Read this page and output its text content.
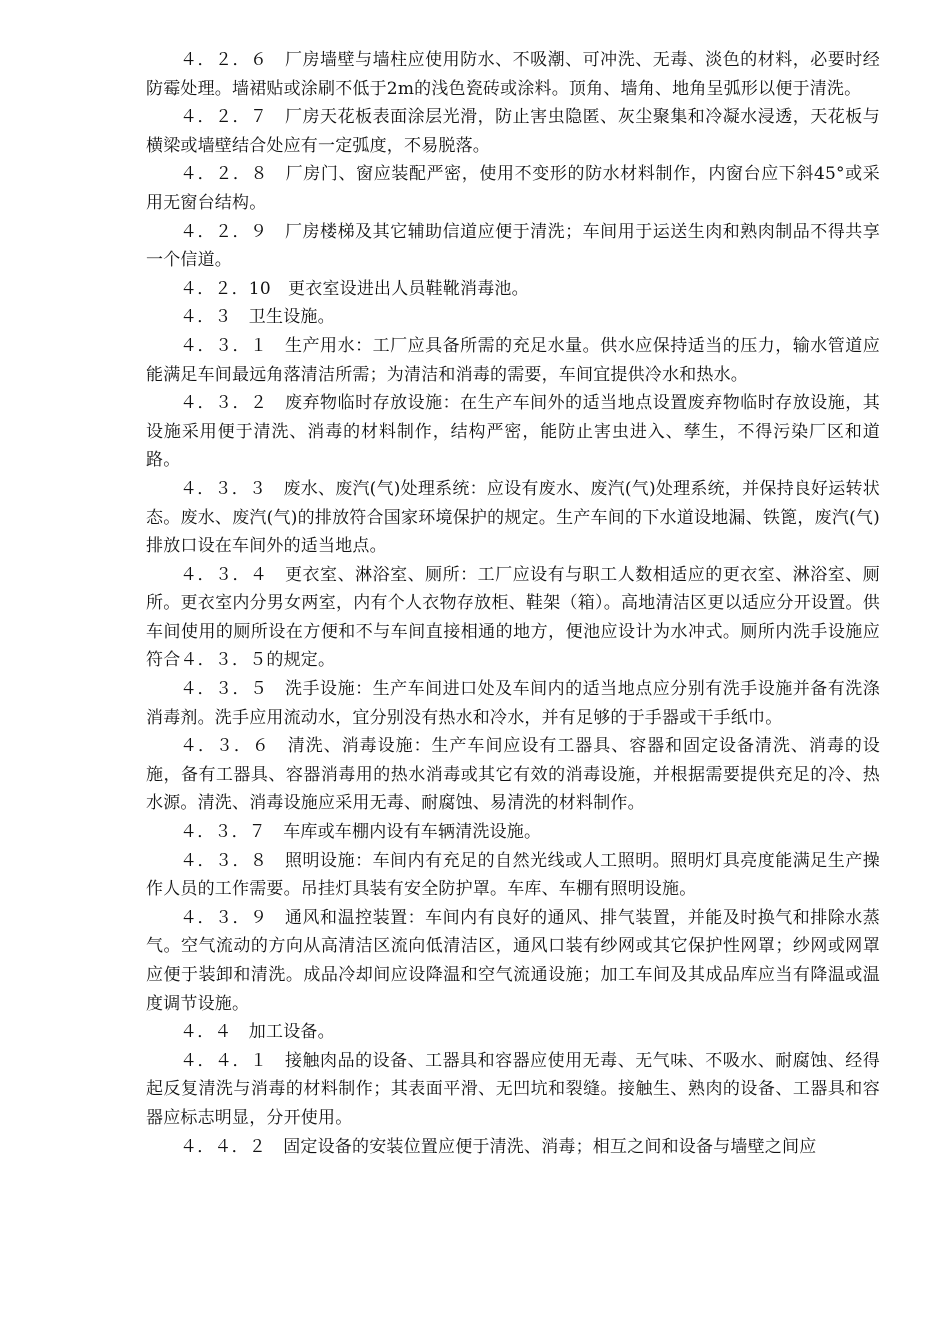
４．２．６　厂房墙壁与墙柱应使用防水、不吸潮、可冲洗、无毒、淡色的材料，必要时经防霉处理。墙裙贴或涂刷不低于2m的浅色瓷砖或涂料。顶角、墙角、地角呈弧形以便于清洗。

４．２．７　厂房天花板表面涂层光滑，防止害虫隐匿、灰尘聚集和冷凝水浸透，天花板与横梁或墙壁结合处应有一定弧度，不易脱落。

４．２．８　厂房门、窗应装配严密，使用不变形的防水材料制作，内窗台应下斜45°或采用无窗台结构。

４．２．９　厂房楼梯及其它辅助信道应便于清洗；车间用于运送生肉和熟肉制品不得共享一个信道。

４．２．10　更衣室设进出人员鞋靴消毒池。

４．３　卫生设施。

４．３．１　生产用水：工厂应具备所需的充足水量。供水应保持适当的压力，输水管道应能满足车间最远角落清洁所需；为清洁和消毒的需要，车间宜提供冷水和热水。

４．３．２　废弃物临时存放设施：在生产车间外的适当地点设置废弃物临时存放设施，其设施采用便于清洗、消毒的材料制作，结构严密，能防止害虫进入、孳生，不得污染厂区和道路。

４．３．３　废水、废汽(气)处理系统：应设有废水、废汽(气)处理系统，并保持良好运转状态。废水、废汽(气)的排放符合国家环境保护的规定。生产车间的下水道设地漏、铁篦，废汽(气)排放口设在车间外的适当地点。

４．３．４　更衣室、淋浴室、厕所：工厂应设有与职工人数相适应的更衣室、淋浴室、厕所。更衣室内分男女两室，内有个人衣物存放柜、鞋架（箱）。高地清洁区更以适应分开设置。供车间使用的厕所设在方便和不与车间直接相通的地方，便池应设计为水冲式。厕所内洗手设施应符合４．３．５的规定。

４．３．５　洗手设施：生产车间进口处及车间内的适当地点应分别有洗手设施并备有洗涤消毒剂。洗手应用流动水，宜分别没有热水和冷水，并有足够的于手器或干手纸巾。

４．３．６　清洗、消毒设施：生产车间应设有工器具、容器和固定设备清洗、消毒的设施，备有工器具、容器消毒用的热水消毒或其它有效的消毒设施，并根据需要提供充足的冷、热水源。清洗、消毒设施应采用无毒、耐腐蚀、易清洗的材料制作。

４．３．７　车库或车棚内设有车辆清洗设施。

４．３．８　照明设施：车间内有充足的自然光线或人工照明。照明灯具亮度能满足生产操作人员的工作需要。吊挂灯具装有安全防护罩。车库、车棚有照明设施。

４．３．９　通风和温控装置：车间内有良好的通风、排气装置，并能及时换气和排除水蒸气。空气流动的方向从高清洁区流向低清洁区，通风口装有纱网或其它保护性网罩；纱网或网罩应便于装卸和清洗。成品冷却间应设降温和空气流通设施；加工车间及其成品库应当有降温或温度调节设施。

４．４　加工设备。

４．４．１　接触肉品的设备、工器具和容器应使用无毒、无气味、不吸水、耐腐蚀、经得起反复清洗与消毒的材料制作；其表面平滑、无凹坑和裂缝。接触生、熟肉的设备、工器具和容器应标志明显，分开使用。

４．４．２　固定设备的安装位置应便于清洗、消毒；相互之间和设备与墙壁之间应
